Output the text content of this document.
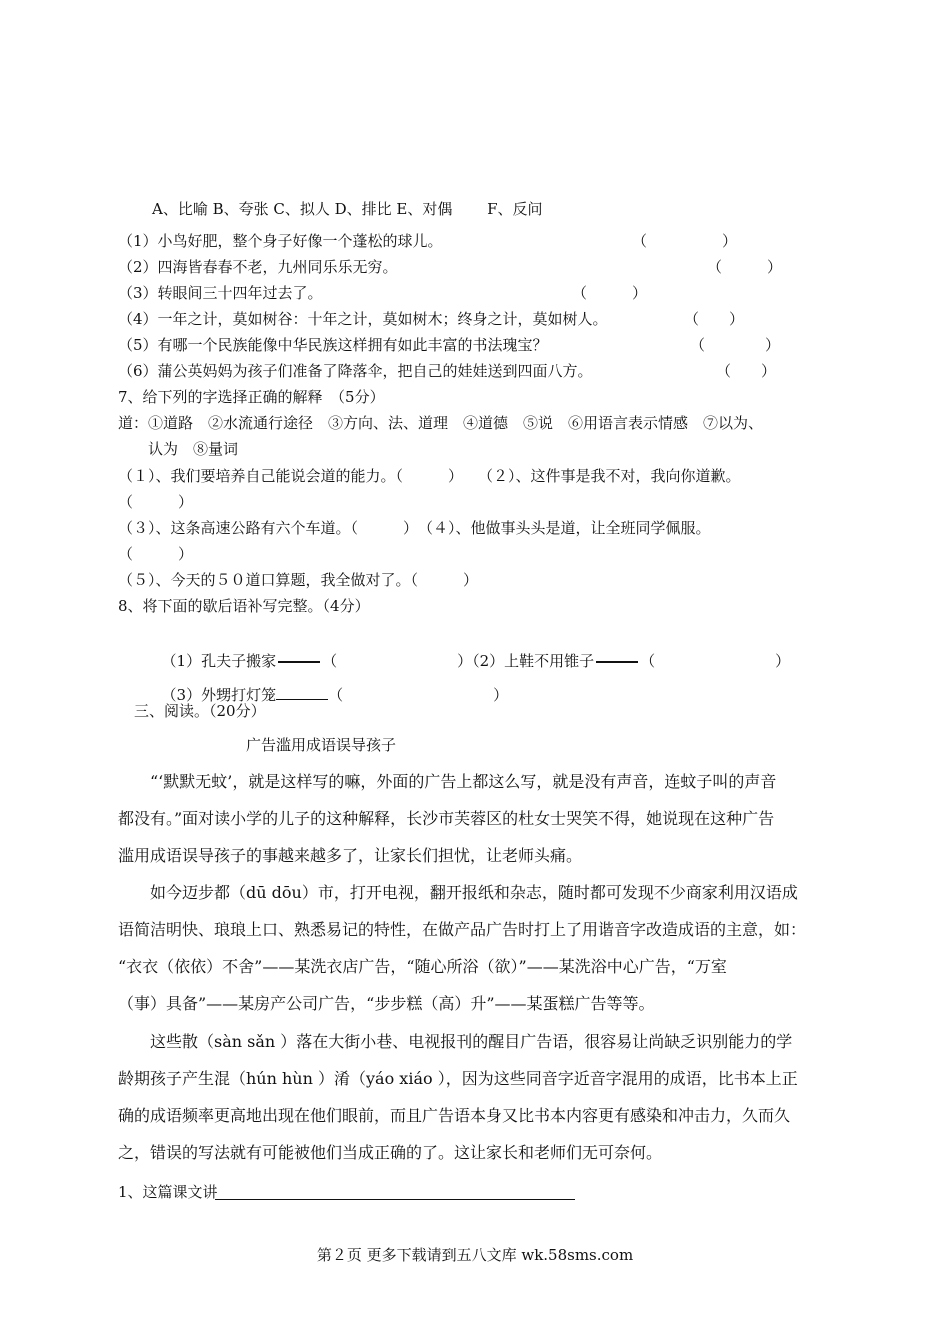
A、比喻 B、夸张 C、拟人 D、排比 E、对偶　　 F、反问
（1）小鸟好肥，整个身子好像一个蓬松的球儿。	（　　　　　）
（2）四海皆春春不老，九州同乐乐无穷。	（　　　）
（3）转眼间三十四年过去了。	（　　　）
（4）一年之计，莫如树谷：十年之计，莫如树木；终身之计，莫如树人。	（　　）
（5）有哪一个民族能像中华民族这样拥有如此丰富的书法瑰宝？	（　　　　）
（6）蒲公英妈妈为孩子们准备了降落伞，把自己的娃娃送到四面八方。	（　　）
7、给下列的字选择正确的解释　（5分）
道：①道路　②水流通行途径　③方向、法、道理　④道德　⑤说　⑥用语言表示情感　⑦以为、
认为　⑧量词
（１）、我们要培养自己能说会道的能力。（　　　）　　（２）、这件事是我不对，我向你道歉。
（　　　）
（３）、这条高速公路有六个车道。（　　　）　（４）、他做事头头是道，让全班同学佩服。
（　　　）
（５）、今天的５０道口算题，我全做对了。（　　　）
8、将下面的歇后语补写完整。（4分）

（1）孔夫子搬家	（　　　　　　　　）（2）上鞋不用锥子	（　　　　　　　　）

（3）外甥打灯笼	（　　　　　　　　　　）

三、阅读。（20分）
广告滥用成语误导孩子
“‘默默无蚊’，就是这样写的嘛，外面的广告上都这么写，就是没有声音，连蚊子叫的声音
都没有。”面对读小学的儿子的这种解释，长沙市芙蓉区的杜女士哭笑不得，她说现在这种广告
滥用成语误导孩子的事越来越多了，让家长们担忧，让老师头痛。
如今迈步都（dū dōu）市，打开电视，翻开报纸和杂志，随时都可发现不少商家利用汉语成
语简洁明快、琅琅上口、熟悉易记的特性，在做产品广告时打上了用谐音字改造成语的主意，如：
“衣衣（依依）不舍”——某洗衣店广告，“随心所浴（欲）”——某洗浴中心广告，“万室
（事）具备”——某房产公司广告，“步步糕（高）升”——某蛋糕广告等等。
这些散（sàn sǎn ）落在大街小巷、电视报刊的醒目广告语，很容易让尚缺乏识别能力的学
龄期孩子产生混（hún hùn ）淆（yáo xiáo ），因为这些同音字近音字混用的成语，比书本上正
确的成语频率更高地出现在他们眼前，而且广告语本身又比书本内容更有感染和冲击力，久而久
之，错误的写法就有可能被他们当成正确的了。这让家长和老师们无可奈何。
1、这篇课文讲
第２页 更多下载请到五八文库 wk.58sms.com
